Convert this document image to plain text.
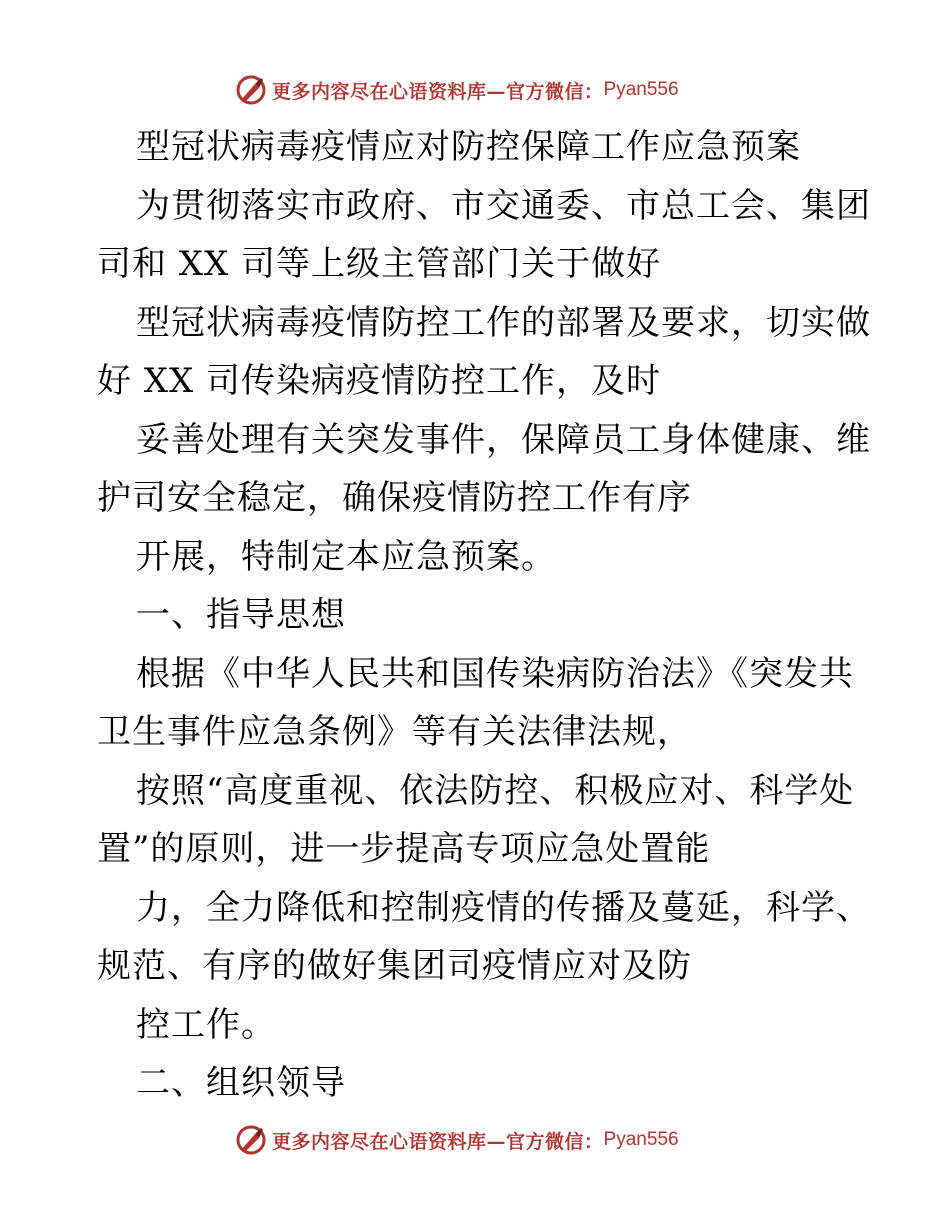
更多内容尽在心语资料库—官方微信： Pyan556
型冠状病毒疫情应对防控保障工作应急预案
为贯彻落实市政府、市交通委、市总工会、集团
司和 XX 司等上级主管部门关于做好
型冠状病毒疫情防控工作的部署及要求，切实做
好 XX 司传染病疫情防控工作，及时
妥善处理有关突发事件，保障员工身体健康、维
护司安全稳定，确保疫情防控工作有序
开展，特制定本应急预案。
一、指导思想
根据《中华人民共和国传染病防治法》《突发共
卫生事件应急条例》等有关法律法规，
按照“高度重视、依法防控、积极应对、科学处
置”的原则，进一步提高专项应急处置能
力，全力降低和控制疫情的传播及蔓延，科学、
规范、有序的做好集团司疫情应对及防
控工作。
二、组织领导
更多内容尽在心语资料库—官方微信： Pyan556
